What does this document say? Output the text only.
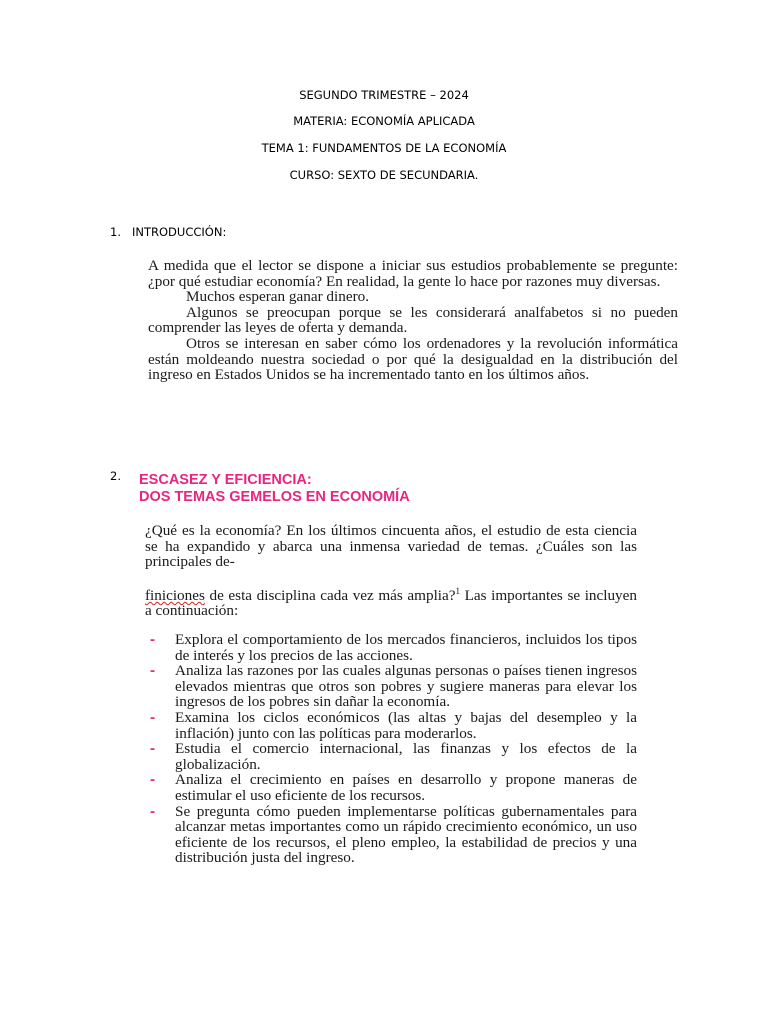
SEGUNDO TRIMESTRE – 2024
MATERIA: ECONOMÍA APLICADA
TEMA 1: FUNDAMENTOS DE LA ECONOMÍA
CURSO: SEXTO DE SECUNDARIA.
1. INTRODUCCIÓN:

A medida que el lector se dispone a iniciar sus estudios probablemente se pregunte: ¿por qué estudiar economía? En realidad, la gente lo hace por razones muy diversas.

Muchos esperan ganar dinero.

Algunos se preocupan porque se les considerará analfabetos si no pueden comprender las leyes de oferta y demanda.

Otros se interesan en saber cómo los ordenadores y la revolución informática están moldeando nuestra sociedad o por qué la desigualdad en la distribución del ingreso en Estados Unidos se ha incrementado tanto en los últimos años.

2. ESCASEZ Y EFICIENCIA:
DOS TEMAS GEMELOS EN ECONOMÍA

¿Qué es la economía? En los últimos cincuenta años, el estudio de esta ciencia se ha expandido y abarca una inmensa variedad de temas. ¿Cuáles son las principales de-

finiciones de esta disciplina cada vez más amplia?$^1$ Las importantes se incluyen a continuación:

- Explora el comportamiento de los mercados financieros, incluidos los tipos de interés y los precios de las acciones.
- Analiza las razones por las cuales algunas personas o países tienen ingresos elevados mientras que otros son pobres y sugiere maneras para elevar los ingresos de los pobres sin dañar la economía.
- Examina los ciclos económicos (las altas y bajas del desempleo y la inflación) junto con las políticas para moderarlos.
- Estudia el comercio internacional, las finanzas y los efectos de la globalización.
- Analiza el crecimiento en países en desarrollo y propone maneras de estimular el uso eficiente de los recursos.
- Se pregunta cómo pueden implementarse políticas gubernamentales para alcanzar metas importantes como un rápido crecimiento económico, un uso eficiente de los recursos, el pleno empleo, la estabilidad de precios y una distribución justa del ingreso.
